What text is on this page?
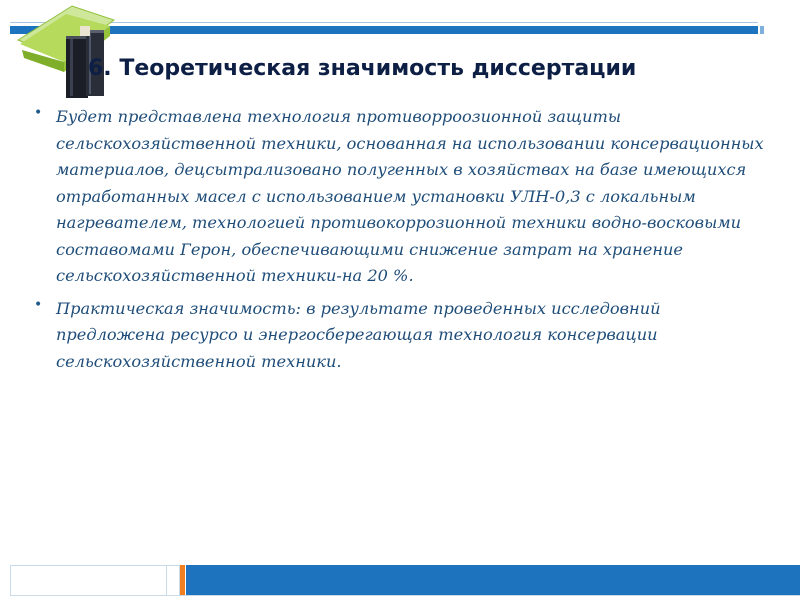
6. Теоретическая значимость диссертации
• Будет представлена технология противорроозионной защиты сельскохозяйственной техники, основанная на использовании консервационных материалов, децсытрализовано полугенных в хозяйствах на базе имеющихся отработанных масел с использованием установки УЛН-0,3 с локальным нагревателем, технологией противокоррозионной техники водно-восковыми составомами Герон, обеспечивающими снижение затрат на хранение сельскохозяйственной техники-на 20 %.
• Практическая значимость: в результате проведенных исследовний предложена ресурсо и энергосберегающая технология консервации сельскохозяйственной техники.
